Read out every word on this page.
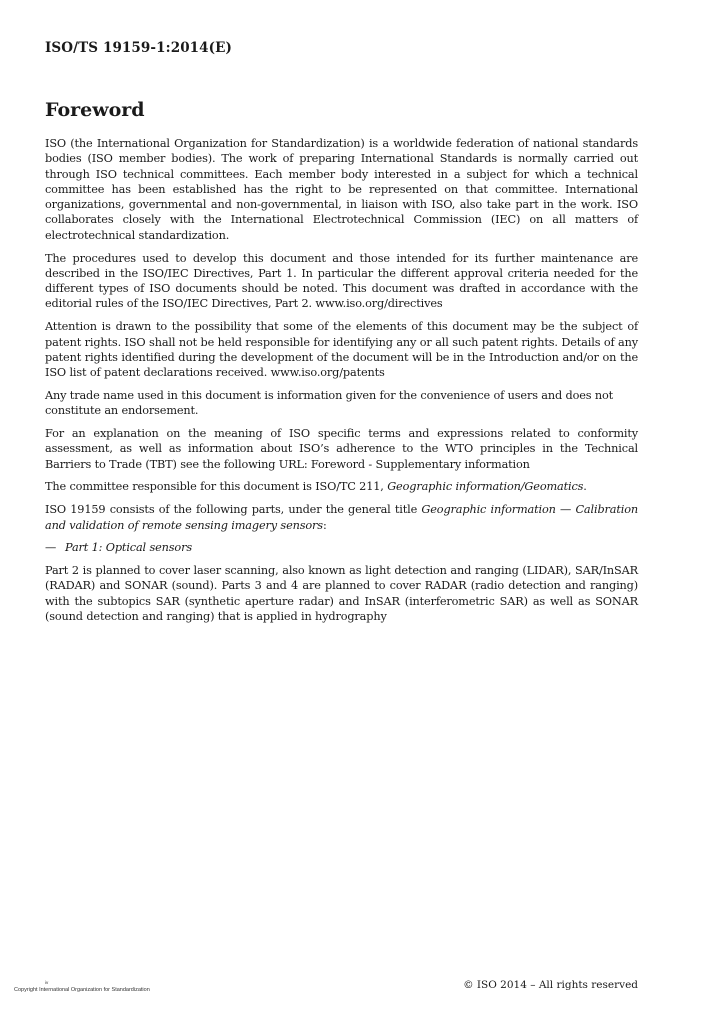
ISO/TS 19159-1:2014(E)
Foreword

ISO (the International Organization for Standardization) is a worldwide federation of national standards bodies (ISO member bodies). The work of preparing International Standards is normally carried out through ISO technical committees. Each member body interested in a subject for which a technical committee has been established has the right to be represented on that committee. International organizations, governmental and non-governmental, in liaison with ISO, also take part in the work. ISO collaborates closely with the International Electrotechnical Commission (IEC) on all matters of electrotechnical standardization.

The procedures used to develop this document and those intended for its further maintenance are described in the ISO/IEC Directives, Part 1. In particular the different approval criteria needed for the different types of ISO documents should be noted. This document was drafted in accordance with the editorial rules of the ISO/IEC Directives, Part 2. www.iso.org/directives

Attention is drawn to the possibility that some of the elements of this document may be the subject of patent rights. ISO shall not be held responsible for identifying any or all such patent rights. Details of any patent rights identified during the development of the document will be in the Introduction and/or on the ISO list of patent declarations received. www.iso.org/patents

Any trade name used in this document is information given for the convenience of users and does not constitute an endorsement.

For an explanation on the meaning of ISO specific terms and expressions related to conformity assessment, as well as information about ISO’s adherence to the WTO principles in the Technical Barriers to Trade (TBT) see the following URL: Foreword - Supplementary information

The committee responsible for this document is ISO/TC 211, Geographic information/Geomatics.

ISO 19159 consists of the following parts, under the general title Geographic information — Calibration and validation of remote sensing imagery sensors:

— Part 1: Optical sensors

Part 2 is planned to cover laser scanning, also known as light detection and ranging (LIDAR), SAR/InSAR (RADAR) and SONAR (sound). Parts 3 and 4 are planned to cover RADAR (radio detection and ranging) with the subtopics SAR (synthetic aperture radar) and InSAR (interferometric SAR) as well as SONAR (sound detection and ranging) that is applied in hydrography

iv
Copyright International Organization for Standardization	© ISO 2014 – All rights reserved
